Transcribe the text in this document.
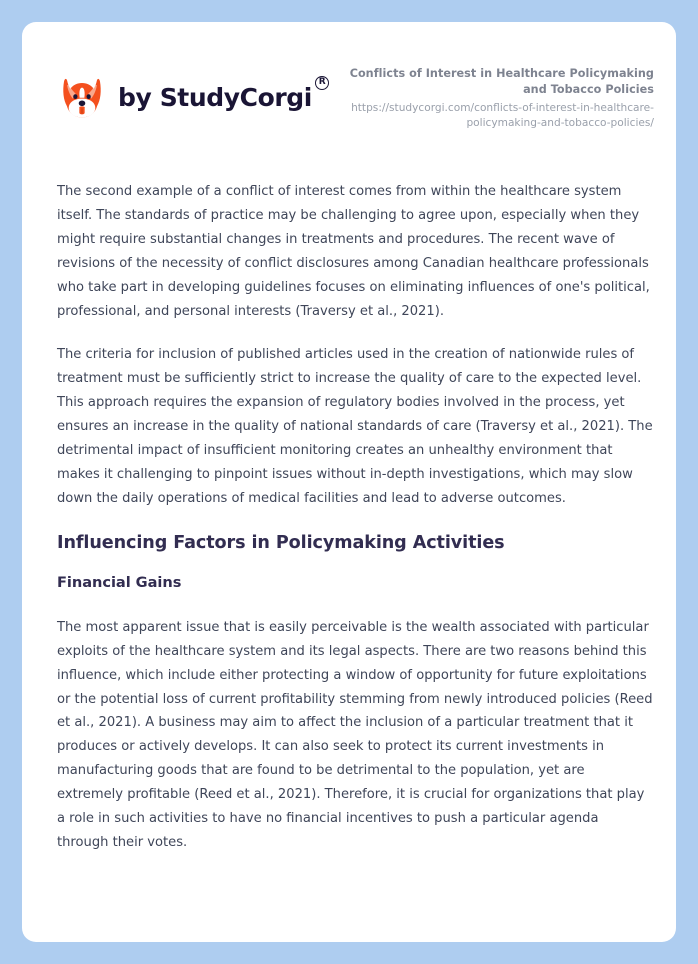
by StudyCorgi
R
Conflicts of Interest in Healthcare Policymaking and Tobacco Policies
https://studycorgi.com/conflicts-of-interest-in-healthcare-policymaking-and-tobacco-policies/

The second example of a conflict of interest comes from within the healthcare system itself. The standards of practice may be challenging to agree upon, especially when they might require substantial changes in treatments and procedures. The recent wave of revisions of the necessity of conflict disclosures among Canadian healthcare professionals who take part in developing guidelines focuses on eliminating influences of one's political, professional, and personal interests (Traversy et al., 2021).

The criteria for inclusion of published articles used in the creation of nationwide rules of treatment must be sufficiently strict to increase the quality of care to the expected level. This approach requires the expansion of regulatory bodies involved in the process, yet ensures an increase in the quality of national standards of care (Traversy et al., 2021). The detrimental impact of insufficient monitoring creates an unhealthy environment that makes it challenging to pinpoint issues without in-depth investigations, which may slow down the daily operations of medical facilities and lead to adverse outcomes.

Influencing Factors in Policymaking Activities
Financial Gains

The most apparent issue that is easily perceivable is the wealth associated with particular exploits of the healthcare system and its legal aspects. There are two reasons behind this influence, which include either protecting a window of opportunity for future exploitations or the potential loss of current profitability stemming from newly introduced policies (Reed et al., 2021). A business may aim to affect the inclusion of a particular treatment that it produces or actively develops. It can also seek to protect its current investments in manufacturing goods that are found to be detrimental to the population, yet are extremely profitable (Reed et al., 2021). Therefore, it is crucial for organizations that play a role in such activities to have no financial incentives to push a particular agenda through their votes.
